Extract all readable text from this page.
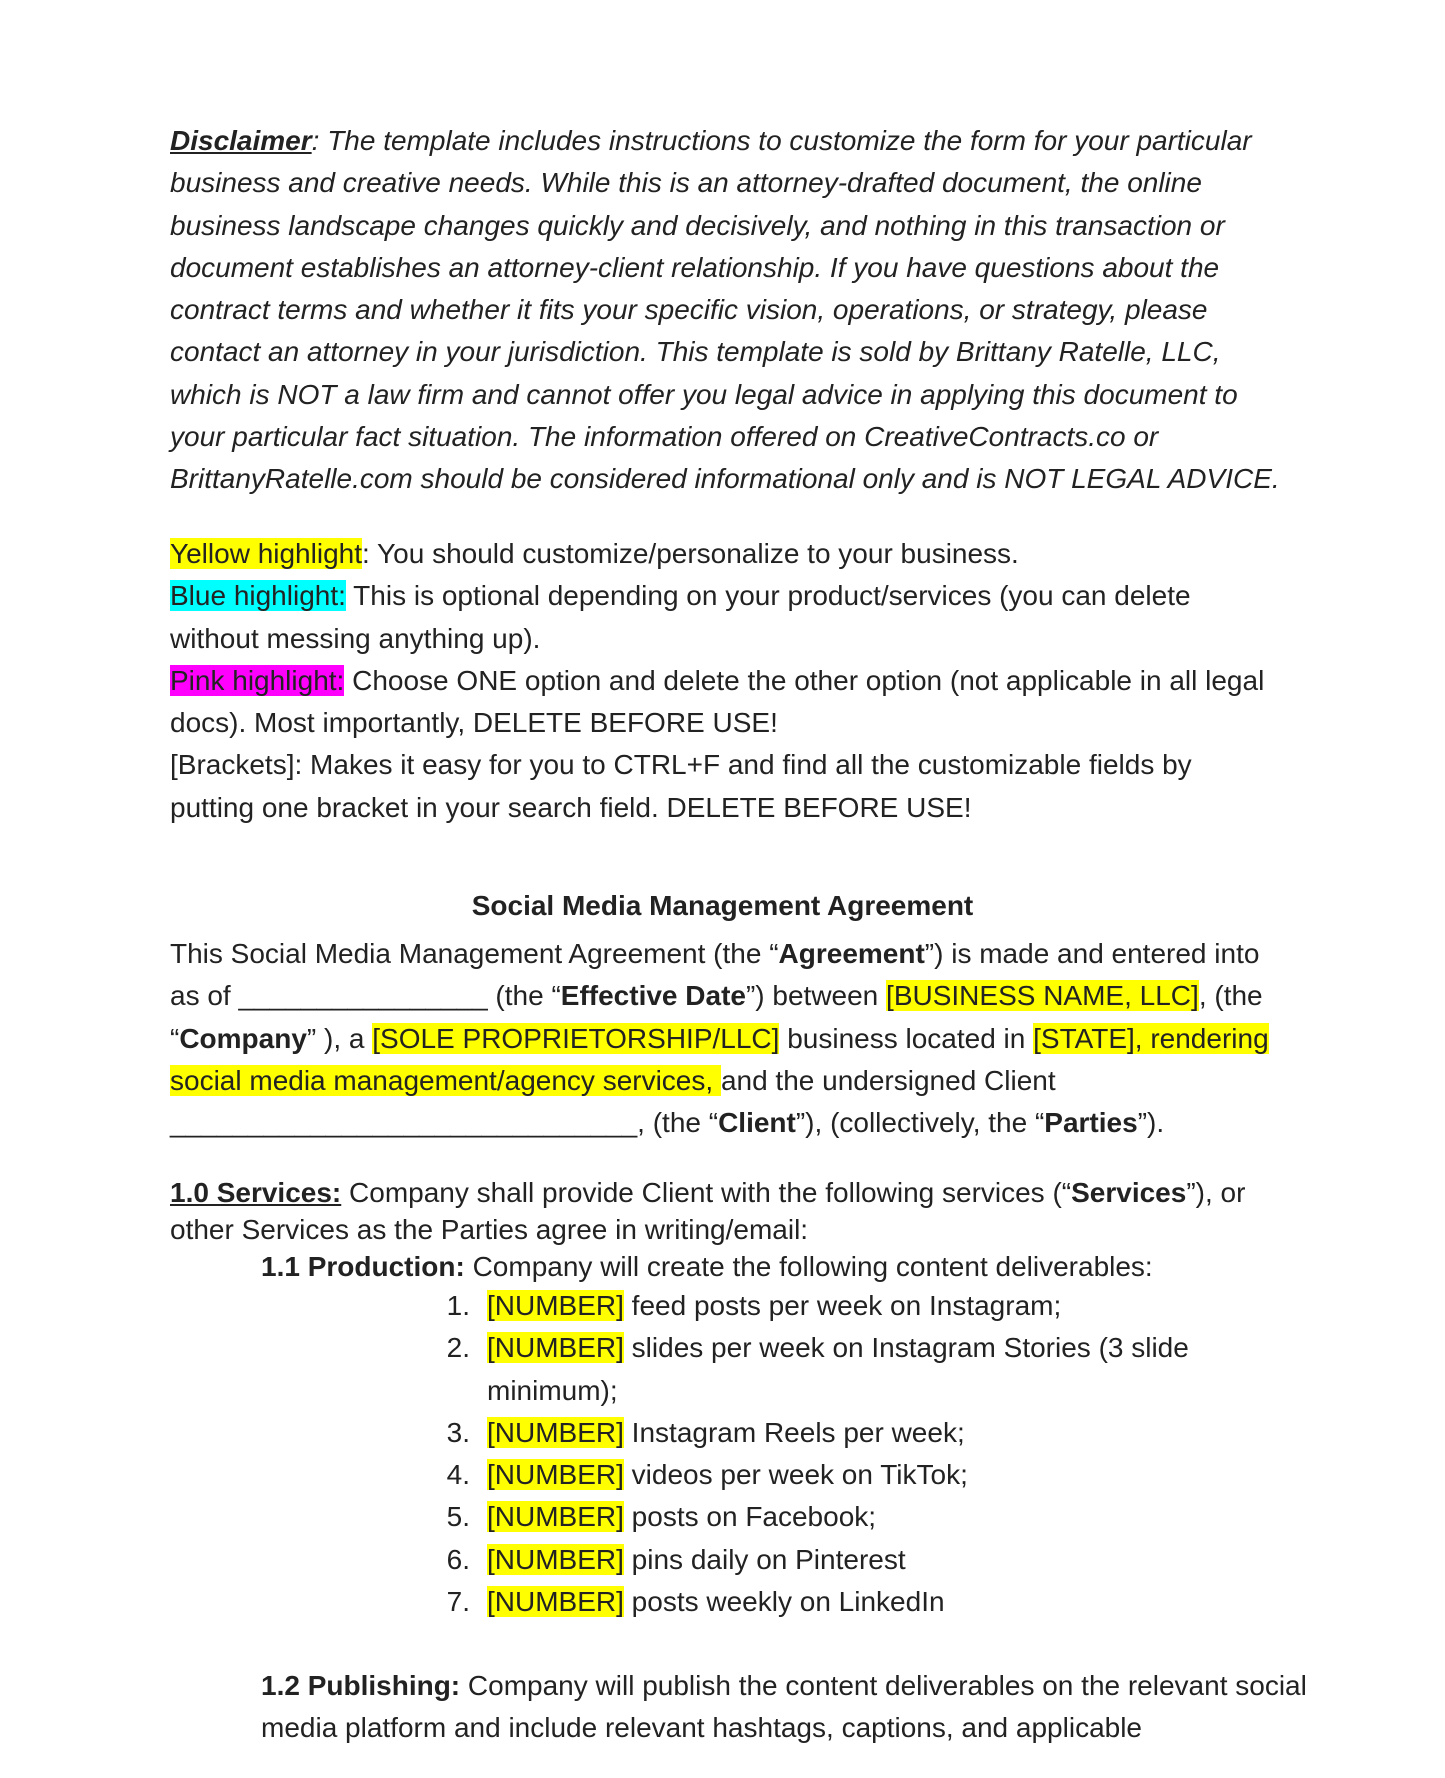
Disclaimer: The template includes instructions to customize the form for your particular business and creative needs. While this is an attorney-drafted document, the online business landscape changes quickly and decisively, and nothing in this transaction or document establishes an attorney-client relationship. If you have questions about the contract terms and whether it fits your specific vision, operations, or strategy, please contact an attorney in your jurisdiction. This template is sold by Brittany Ratelle, LLC, which is NOT a law firm and cannot offer you legal advice in applying this document to your particular fact situation. The information offered on CreativeContracts.co or BrittanyRatelle.com should be considered informational only and is NOT LEGAL ADVICE.
Yellow highlight: You should customize/personalize to your business.
Blue highlight: This is optional depending on your product/services (you can delete without messing anything up).
Pink highlight: Choose ONE option and delete the other option (not applicable in all legal docs). Most importantly, DELETE BEFORE USE!
[Brackets]: Makes it easy for you to CTRL+F and find all the customizable fields by putting one bracket in your search field. DELETE BEFORE USE!
Social Media Management Agreement
This Social Media Management Agreement (the “Agreement”) is made and entered into as of ________________ (the “Effective Date”) between [BUSINESS NAME, LLC], (the “Company” ), a [SOLE PROPRIETORSHIP/LLC] business located in [STATE], rendering social media management/agency services, and the undersigned Client ______________________________, (the “Client”), (collectively, the “Parties”).
1.0 Services: Company shall provide Client with the following services (“Services”), or other Services as the Parties agree in writing/email:
1.1 Production: Company will create the following content deliverables:
1. [NUMBER] feed posts per week on Instagram;
2. [NUMBER] slides per week on Instagram Stories (3 slide minimum);
3. [NUMBER] Instagram Reels per week;
4. [NUMBER] videos per week on TikTok;
5. [NUMBER] posts on Facebook;
6. [NUMBER] pins daily on Pinterest
7. [NUMBER] posts weekly on LinkedIn
1.2 Publishing: Company will publish the content deliverables on the relevant social media platform and include relevant hashtags, captions, and applicable
